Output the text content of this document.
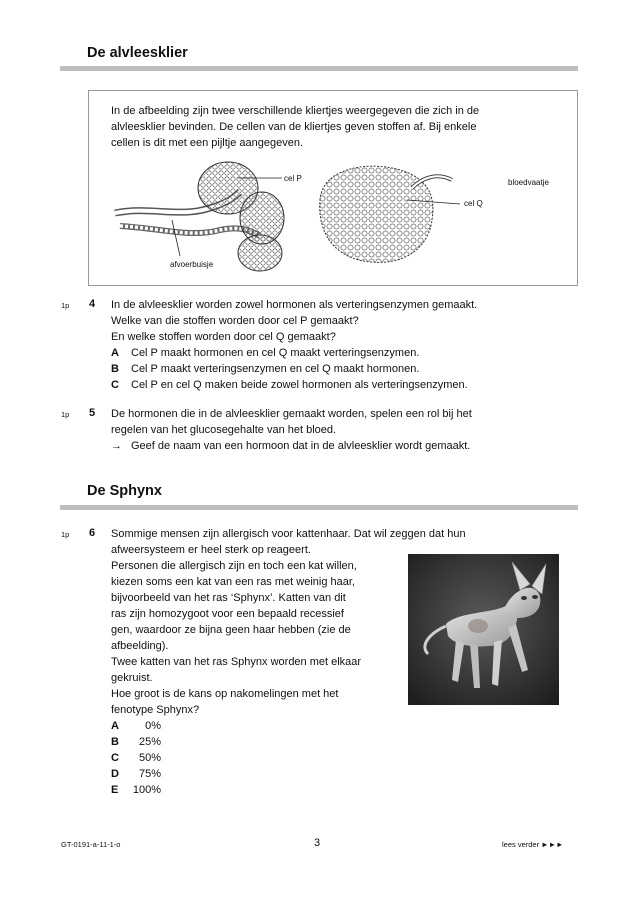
De alvleesklier
In de afbeelding zijn twee verschillende kliertjes weergegeven die zich in de
alvleesklier bevinden. De cellen van de kliertjes geven stoffen af. Bij enkele
cellen is dit met een pijltje aangegeven.
cel P
afvoerbuisje
bloedvaatje
cel Q
1p 4 In de alvleesklier worden zowel hormonen als verteringsenzymen gemaakt.
Welke van die stoffen worden door cel P gemaakt?
En welke stoffen worden door cel Q gemaakt?
A Cel P maakt hormonen en cel Q maakt verteringsenzymen.
B Cel P maakt verteringsenzymen en cel Q maakt hormonen.
C Cel P en cel Q maken beide zowel hormonen als verteringsenzymen.
1p 5 De hormonen die in de alvleesklier gemaakt worden, spelen een rol bij het
regelen van het glucosegehalte van het bloed.
→ Geef de naam van een hormoon dat in de alvleesklier wordt gemaakt.
De Sphynx
1p 6 Sommige mensen zijn allergisch voor kattenhaar. Dat wil zeggen dat hun
afweersysteem er heel sterk op reageert.
Personen die allergisch zijn en toch een kat willen,
kiezen soms een kat van een ras met weinig haar,
bijvoorbeeld van het ras ‘Sphynx’. Katten van dit
ras zijn homozygoot voor een bepaald recessief
gen, waardoor ze bijna geen haar hebben (zie de
afbeelding).
Twee katten van het ras Sphynx worden met elkaar
gekruist.
Hoe groot is de kans op nakomelingen met het
fenotype Sphynx?
A 0%
B 25%
C 50%
D 75%
E 100%
GT-0191-a-11-1-o	3	lees verder ►►►
